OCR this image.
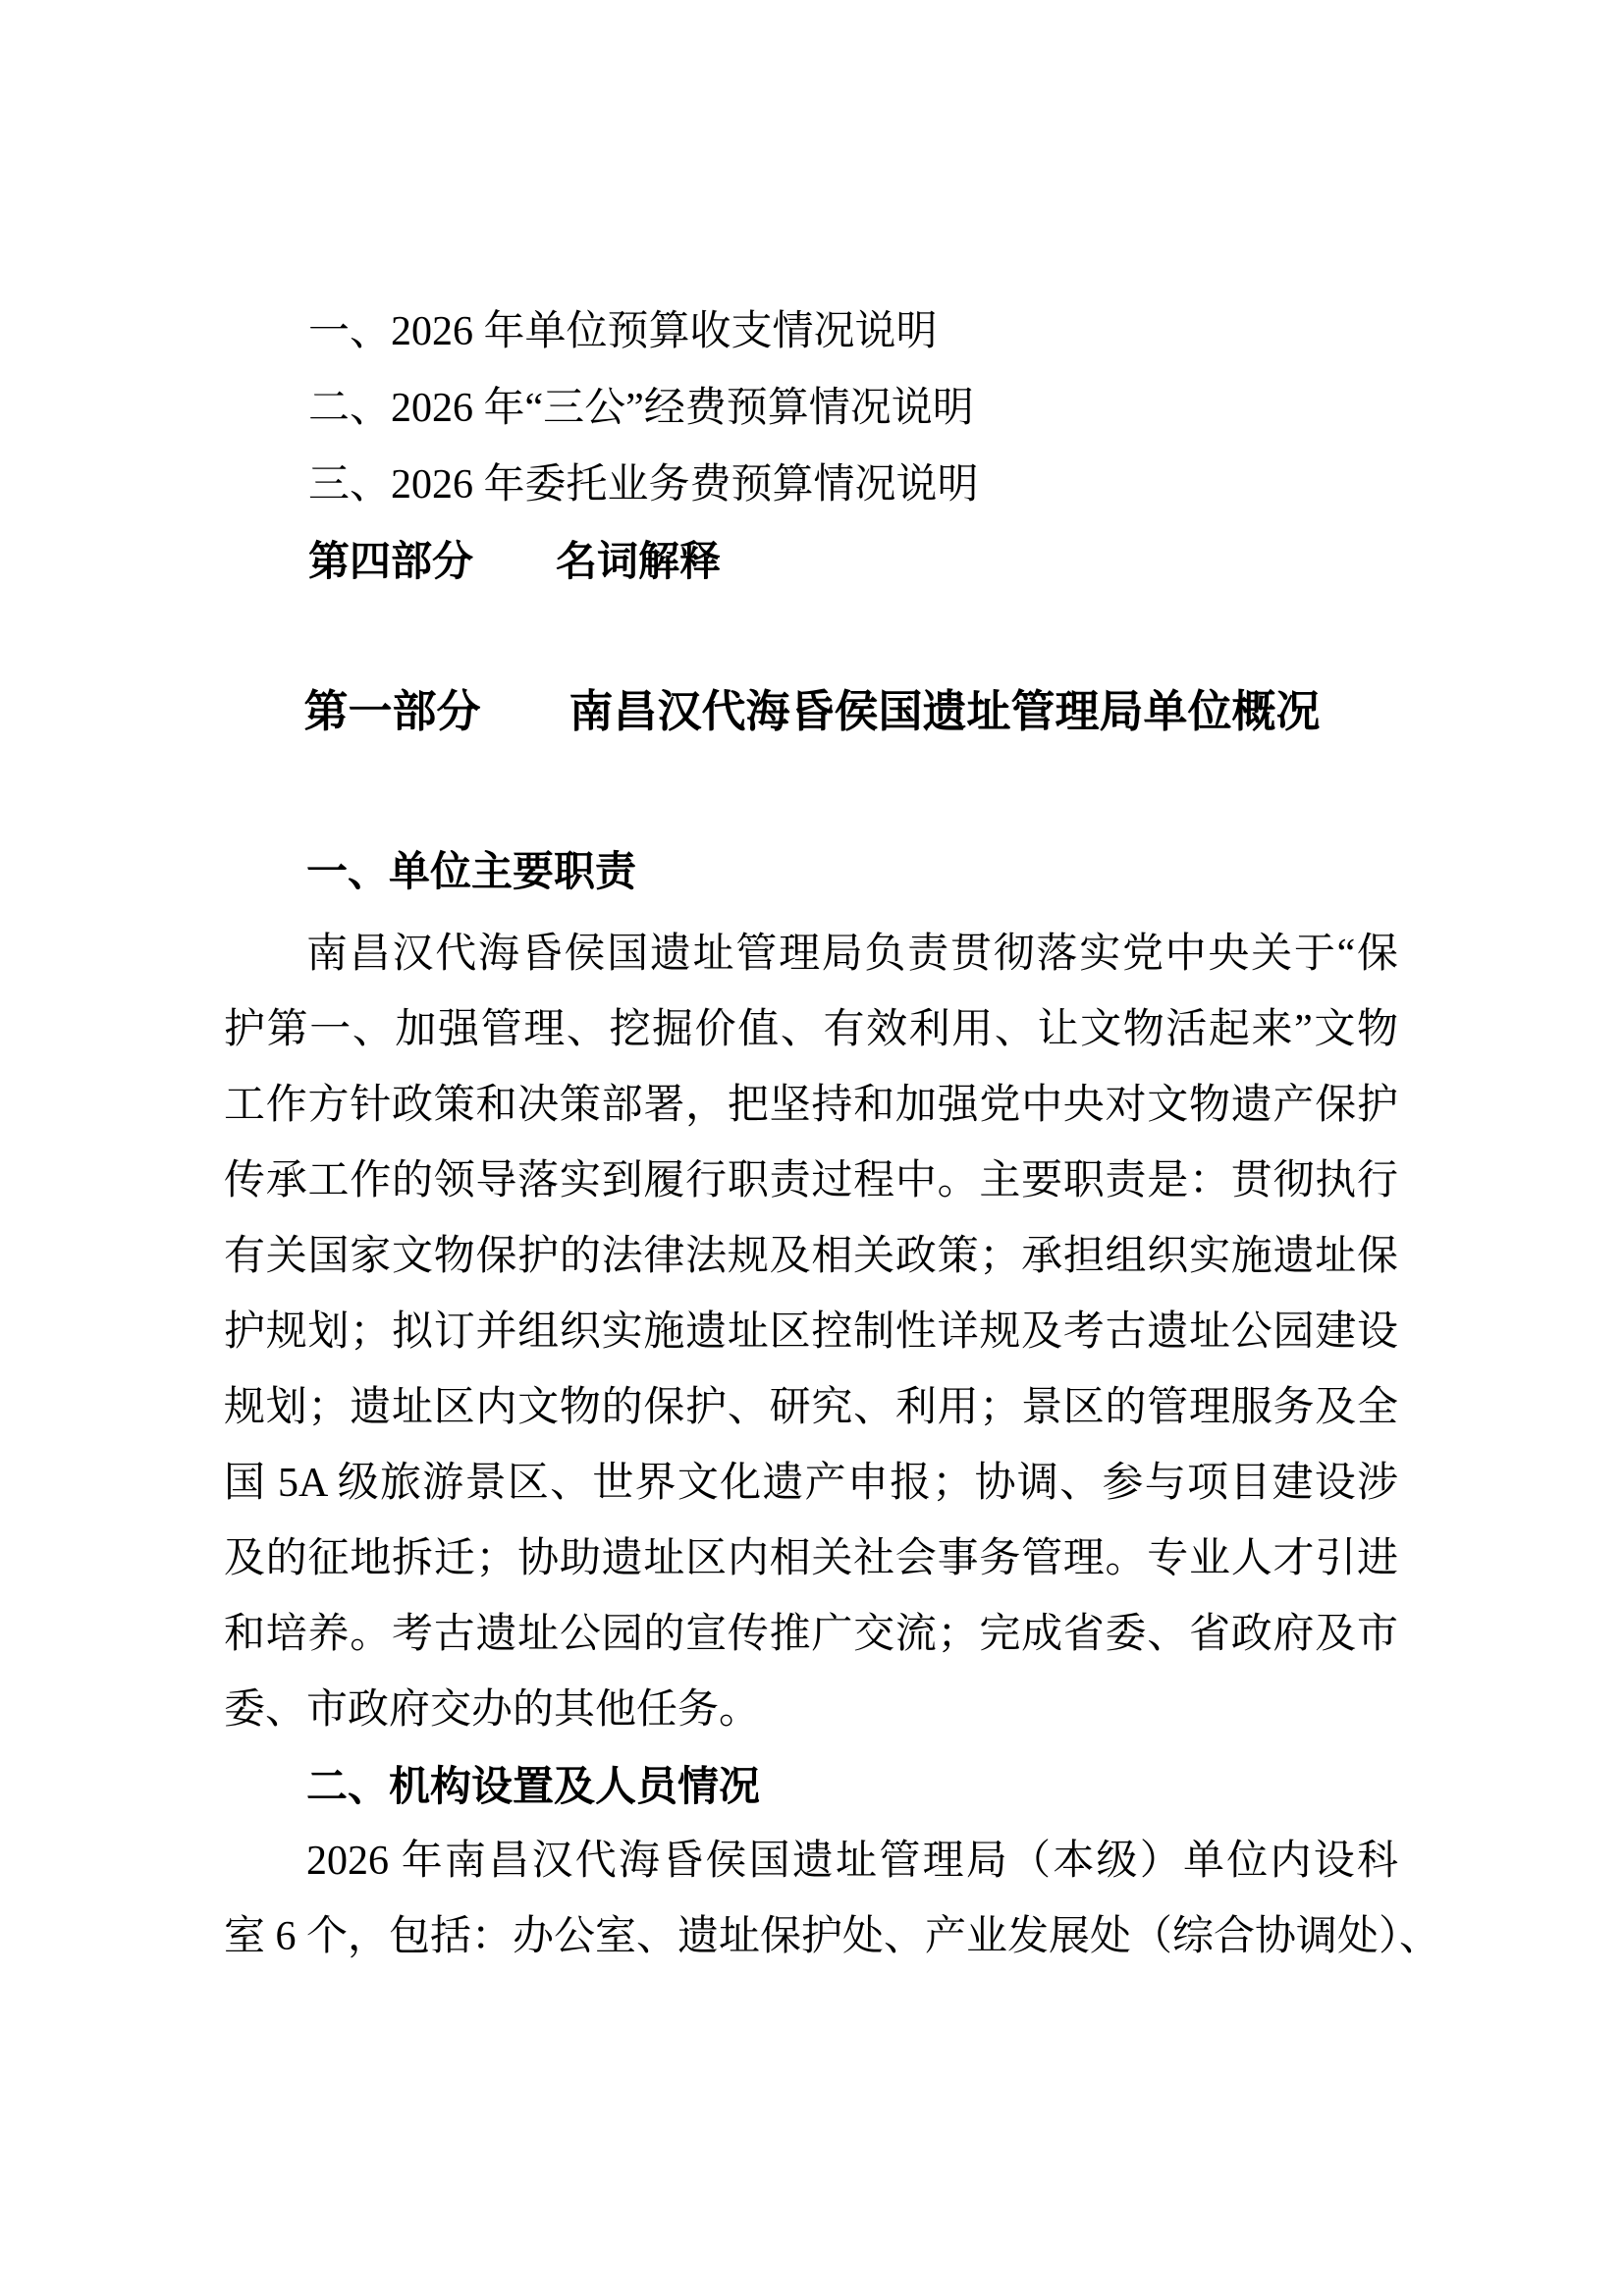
一、2026 年单位预算收支情况说明
二、2026 年“三公”经费预算情况说明
三、2026 年委托业务费预算情况说明
第四部分　　名词解释
第一部分　　南昌汉代海昏侯国遗址管理局单位概况
一、单位主要职责
南昌汉代海昏侯国遗址管理局负责贯彻落实党中央关于“保
护第一、加强管理、挖掘价值、有效利用、让文物活起来”文物
工作方针政策和决策部署，把坚持和加强党中央对文物遗产保护
传承工作的领导落实到履行职责过程中。主要职责是：贯彻执行
有关国家文物保护的法律法规及相关政策；承担组织实施遗址保
护规划；拟订并组织实施遗址区控制性详规及考古遗址公园建设
规划；遗址区内文物的保护、研究、利用；景区的管理服务及全
国 5A 级旅游景区、世界文化遗产申报；协调、参与项目建设涉
及的征地拆迁；协助遗址区内相关社会事务管理。专业人才引进
和培养。考古遗址公园的宣传推广交流；完成省委、省政府及市
委、市政府交办的其他任务。
二、机构设置及人员情况
2026 年南昌汉代海昏侯国遗址管理局（本级）单位内设科
室 6 个，包括：办公室、遗址保护处、产业发展处（综合协调处）、
